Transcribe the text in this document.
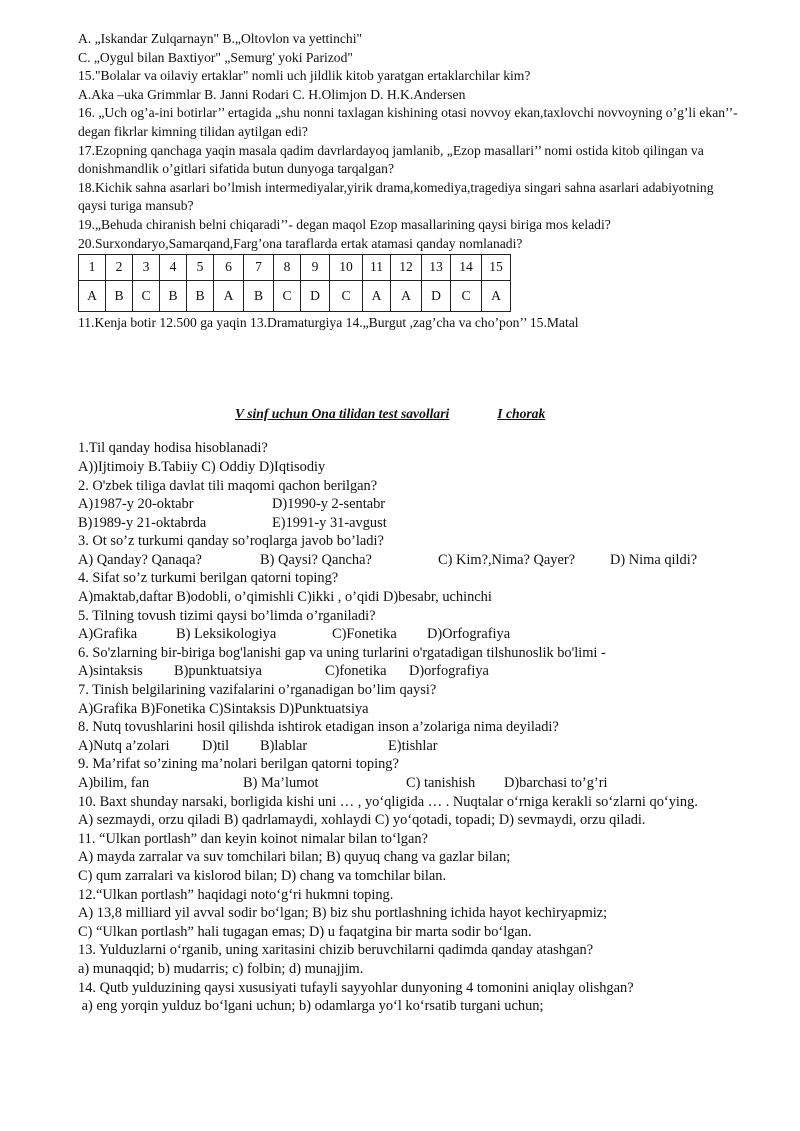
A. „Iskandar Zulqarnayn" B.„Oltovlon va yettinchi"
C. „Oygul bilan Baxtiyor" „Semurg' yoki Parizod"
15."Bolalar va oilaviy ertaklar" nomli uch jildlik kitob yaratgan ertaklarchilar kim?
A.Aka –uka Grimmlar B. Janni Rodari C. H.Olimjon D. H.K.Andersen
16. „Uch og’a-ini botirlar’’ ertagida „shu nonni taxlagan kishining otasi novvoy ekan,taxlovchi novvoyning o’g’li ekan’’-degan fikrlar kimning tilidan aytilgan edi?
17.Ezopning qanchaga yaqin masala qadim davrlardayoq jamlanib, „Ezop masallari’’ nomi ostida kitob qilingan va donishmandlik o’gitlari sifatida butun dunyoga tarqalgan?
18.Kichik sahna asarlari bo’lmish intermediyalar,yirik drama,komediya,tragediya singari sahna asarlari adabiyotning qaysi turiga mansub?
19.„Behuda chiranish belni chiqaradi’’- degan maqol Ezop masallarining qaysi biriga mos keladi?
20.Surxondaryo,Samarqand,Farg’ona taraflarda ertak atamasi qanday nomlanadi?
1	2	3	4	5	6	7	8	9	10	11	12	13	14	15
A	B	C	B	B	A	B	C	D	C	A	A	D	C	A
11.Kenja botir 12.500 ga yaqin 13.Dramaturgiya 14.„Burgut ,zag’cha va cho’pon’’ 15.Matal
V sinf uchun Ona tilidan test savollari	I chorak
1.Til qanday hodisa hisoblanadi?
A))Ijtimoiy B.Tabiiy C) Oddiy D)Iqtisodiy
2. O'zbek tiliga davlat tili maqomi qachon berilgan?
A)1987-y 20-oktabr	D)1990-y 2-sentabr
B)1989-y 21-oktabrda	E)1991-y 31-avgust
3. Ot so’z turkumi qanday so’roqlarga javob bo’ladi?
A) Qanday? Qanaqa?	B) Qaysi? Qancha?	C) Kim?,Nima? Qayer? D) Nima qildi?
4. Sifat so’z turkumi berilgan qatorni toping?
A)maktab,daftar B)odobli, o’qimishli C)ikki , o’qidi D)besabr, uchinchi
5. Tilning tovush tizimi qaysi bo’limda o’rganiladi?
A)Grafika	B) Leksikologiya	C)Fonetika D)Orfografiya
6. So'zlarning bir-biriga bog'lanishi gap va uning turlarini o'rgatadigan tilshunoslik bo'limi -
A)sintaksis B)punktuatsiya	C)fonetika D)orfografiya
7. Tinish belgilarining vazifalarini o’rganadigan bo’lim qaysi?
A)Grafika B)Fonetika C)Sintaksis D)Punktuatsiya
8. Nutq tovushlarini hosil qilishda ishtirok etadigan inson a’zolariga nima deyiladi?
A)Nutq a’zolari D)til B)lablar	E)tishlar
9. Ma’rifat so’zining ma’nolari berilgan qatorni toping?
A)bilim, fan	B) Ma’lumot	C) tanishish D)barchasi to’g’ri
10. Baxt shunday narsaki, borligida kishi uni … , yo‘qligida … . Nuqtalar o‘rniga kerakli so‘zlarni qo‘ying.
A) sezmaydi, orzu qiladi B) qadrlamaydi, xohlaydi C) yo‘qotadi, topadi; D) sevmaydi, orzu qiladi.
11. “Ulkan portlash” dan keyin koinot nimalar bilan to‘lgan?
A) mayda zarralar va suv tomchilari bilan; B) quyuq chang va gazlar bilan;
C) qum zarralari va kislorod bilan; D) chang va tomchilar bilan.
12.“Ulkan portlash” haqidagi noto‘g‘ri hukmni toping.
A) 13,8 milliard yil avval sodir bo‘lgan; B) biz shu portlashning ichida hayot kechiryapmiz;
C) “Ulkan portlash” hali tugagan emas; D) u faqatgina bir marta sodir bo‘lgan.
13. Yulduzlarni o‘rganib, uning xaritasini chizib beruvchilarni qadimda qanday atashgan?
a) munaqqid; b) mudarris; c) folbin; d) munajjim.
14. Qutb yulduzining qaysi xususiyati tufayli sayyohlar dunyoning 4 tomonini aniqlay olishgan?
a) eng yorqin yulduz bo‘lgani uchun; b) odamlarga yo‘l ko‘rsatib turgani uchun;
